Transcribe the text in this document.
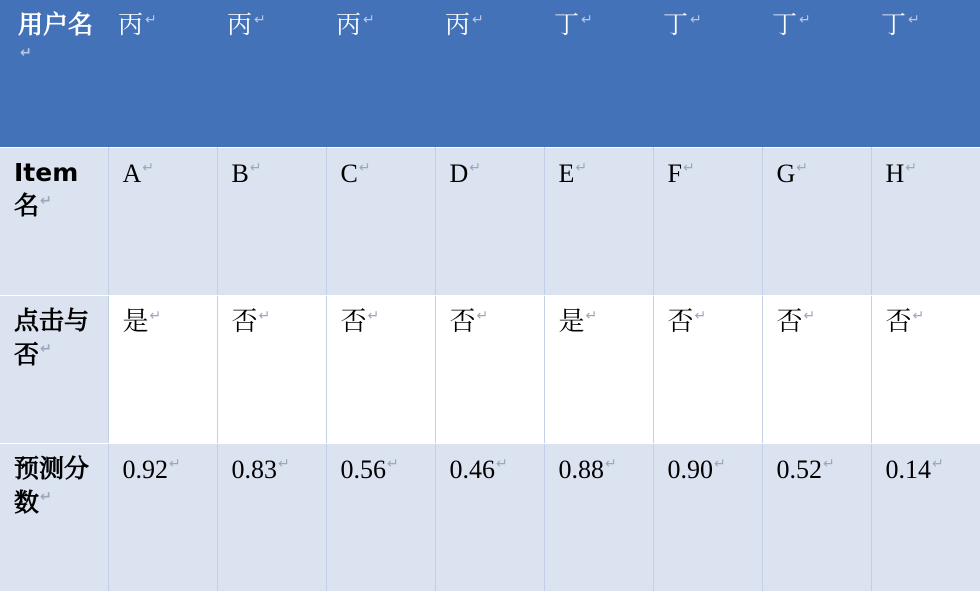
用户名↵	丙 ↵	丙 ↵	丙 ↵	丙 ↵	丁 ↵	丁 ↵	丁 ↵	丁 ↵
Item名↵	A↵	B↵	C↵	D↵	E↵	F↵	G↵	H↵
点击与否↵	是↵	否↵	否↵	否↵	是↵	否↵	否↵	否↵
预测分数↵	0.92↵	0.83↵	0.56↵	0.46↵	0.88↵	0.90↵	0.52↵	0.14↵
